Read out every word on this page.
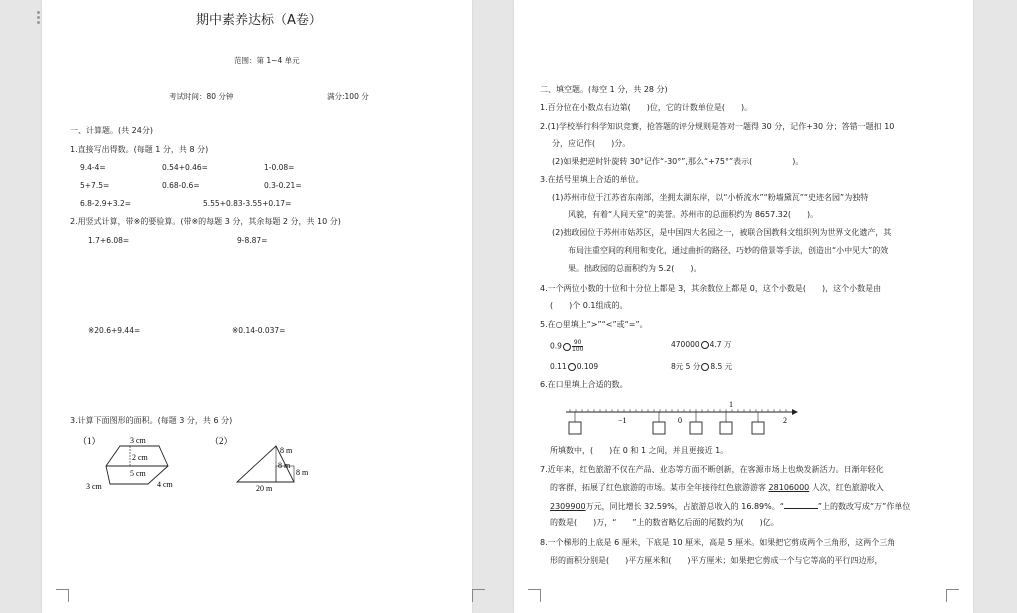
期中素养达标（A卷）
范围：第 1~4 单元
考试时间：80 分钟	满分:100 分
一、计算题。(共 24分)
1.直接写出得数。(每题 1 分，共 8 分)
9.4-4=	0.54+0.46=	1-0.08=
5+7.5=	0.68-0.6=	0.3-0.21=
6.8-2.9+3.2=	5.55+0.83-3.55+0.17=
2.用竖式计算，带※的要验算。(带※的每题 3 分，其余每题 2 分，共 10 分)
1.7+6.08=	9-8.87=
※20.6+9.44=	※0.14-0.037=
3.计算下面图形的面积。(每题 3 分，共 6 分)
（1）	3 cm
2 cm
5 cm
3 cm	4 cm
（2）
8 m
8 m
8 m
20 m
二、填空题。(每空 1 分，共 28 分)
1.百分位在小数点右边第(　　)位，它的计数单位是(　　)。
2.(1)学校举行科学知识竞赛，抢答题的评分规则是答对一题得 30 分，记作+30 分；答错一题扣 10
分，应记作(　　)分。
(2)如果把逆时针旋转 30°记作“-30°”,那么“+75°”表示(　　　　　)。
3.在括号里填上合适的单位。
(1)苏州市位于江苏省东南部，坐拥太湖东岸，以“小桥流水”“粉墙黛瓦”“史迹名园”为独特
风貌，有着“人间天堂”的美誉。苏州市的总面积约为 8657.32(　　)。
(2)拙政园位于苏州市姑苏区，是中国四大名园之一，被联合国教科文组织列为世界文化遗产，其
布局注重空间的利用和变化，通过曲折的路径、巧妙的借景等手法，创造出“小中见大”的效
果。拙政园的总面积约为 5.2(　　)。
4.一个两位小数的十位和十分位上都是 3，其余数位上都是 0，这个小数是(　　)，这个小数是由
(　　)个 0.1组成的。
5.在○里填上“>”“<”或“=”。
$0.9 \frac{90}{100}$	470000 4.7 万
0.11 0.109	8元 5 分 8.5 元
6.在口里填上合适的数。
−1	0
1
2
所填数中，(　　)在 0 和 1 之间，并且更接近 1。
7.近年来，红色旅游不仅在产品、业态等方面不断创新，在客源市场上也焕发新活力。日渐年轻化
的客群，拓展了红色旅游的市场。某市全年接待红色旅游游客 28106000 人次，红色旅游收入
2309900万元，同比增长 32.59%，占旅游总收入的 16.89%。“	”上的数改写成“万”作单位
的数是(　　)万，“　　”上的数省略亿后面的尾数约为(　　)亿。
8.一个梯形的上底是 6 厘米，下底是 10 厘米，高是 5 厘米。如果把它剪成两个三角形，这两个三角
形的面积分别是(　　)平方厘米和(　　)平方厘米；如果把它剪成一个与它等高的平行四边形，
